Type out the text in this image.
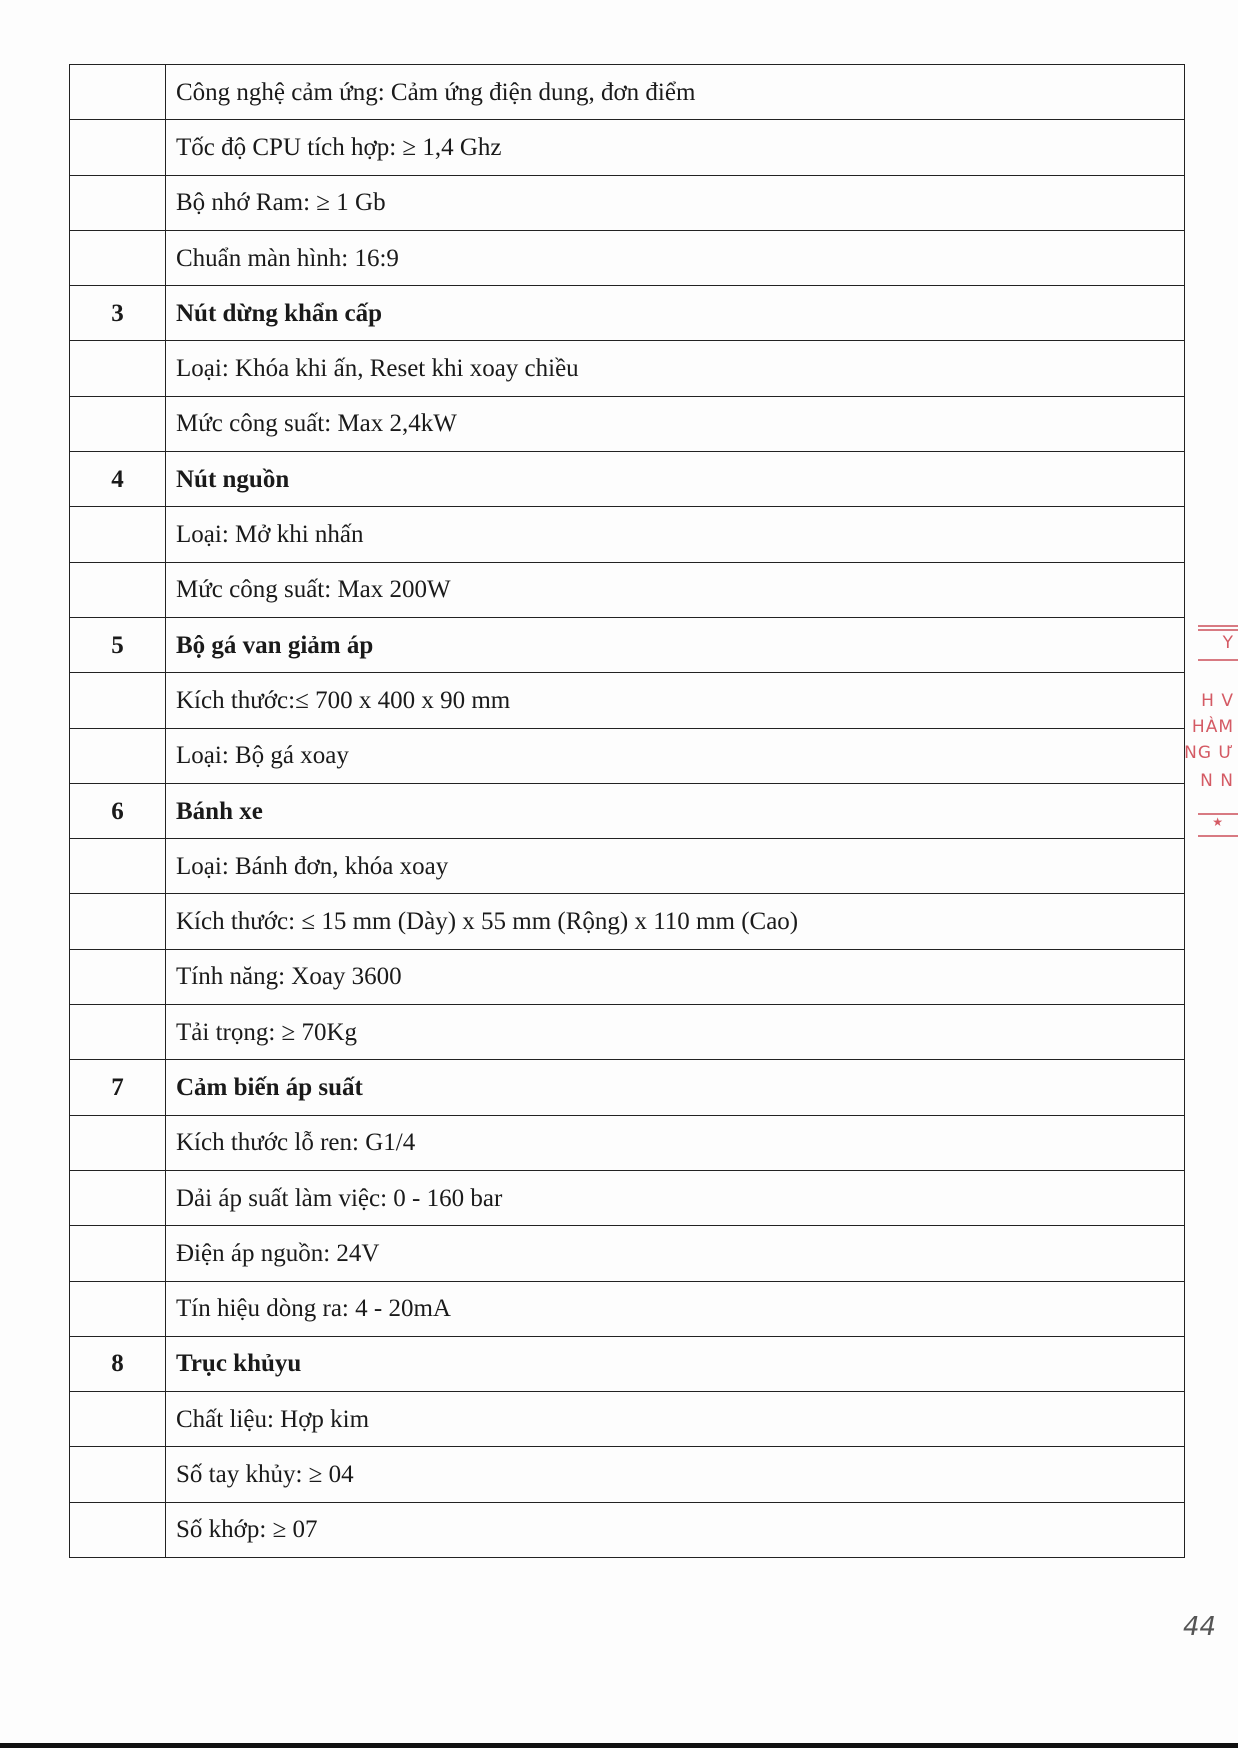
	Công nghệ cảm ứng: Cảm ứng điện dung, đơn điểm
	Tốc độ CPU tích hợp: ≥ 1,4 Ghz
	Bộ nhớ Ram: ≥ 1 Gb
	Chuẩn màn hình: 16:9
3	Nút dừng khẩn cấp
	Loại: Khóa khi ấn, Reset khi xoay chiều
	Mức công suất: Max 2,4kW
4	Nút nguồn
	Loại: Mở khi nhấn
	Mức công suất: Max 200W
5	Bộ gá van giảm áp
	Kích thước:≤ 700 x 400 x 90 mm
	Loại: Bộ gá xoay
6	Bánh xe
	Loại: Bánh đơn, khóa xoay
	Kích thước: ≤ 15 mm (Dày) x 55 mm (Rộng) x 110 mm (Cao)
	Tính năng: Xoay 3600
	Tải trọng: ≥ 70Kg
7	Cảm biến áp suất
	Kích thước lỗ ren: G1/4
	Dải áp suất làm việc: 0 - 160 bar
	Điện áp nguồn: 24V
	Tín hiệu dòng ra: 4 - 20mA
8	Trục khủyu
	Chất liệu: Hợp kim
	Số tay khủy: ≥ 04
	Số khớp: ≥ 07
Y
H V
HÀM
NG Ư
N N
★
44
